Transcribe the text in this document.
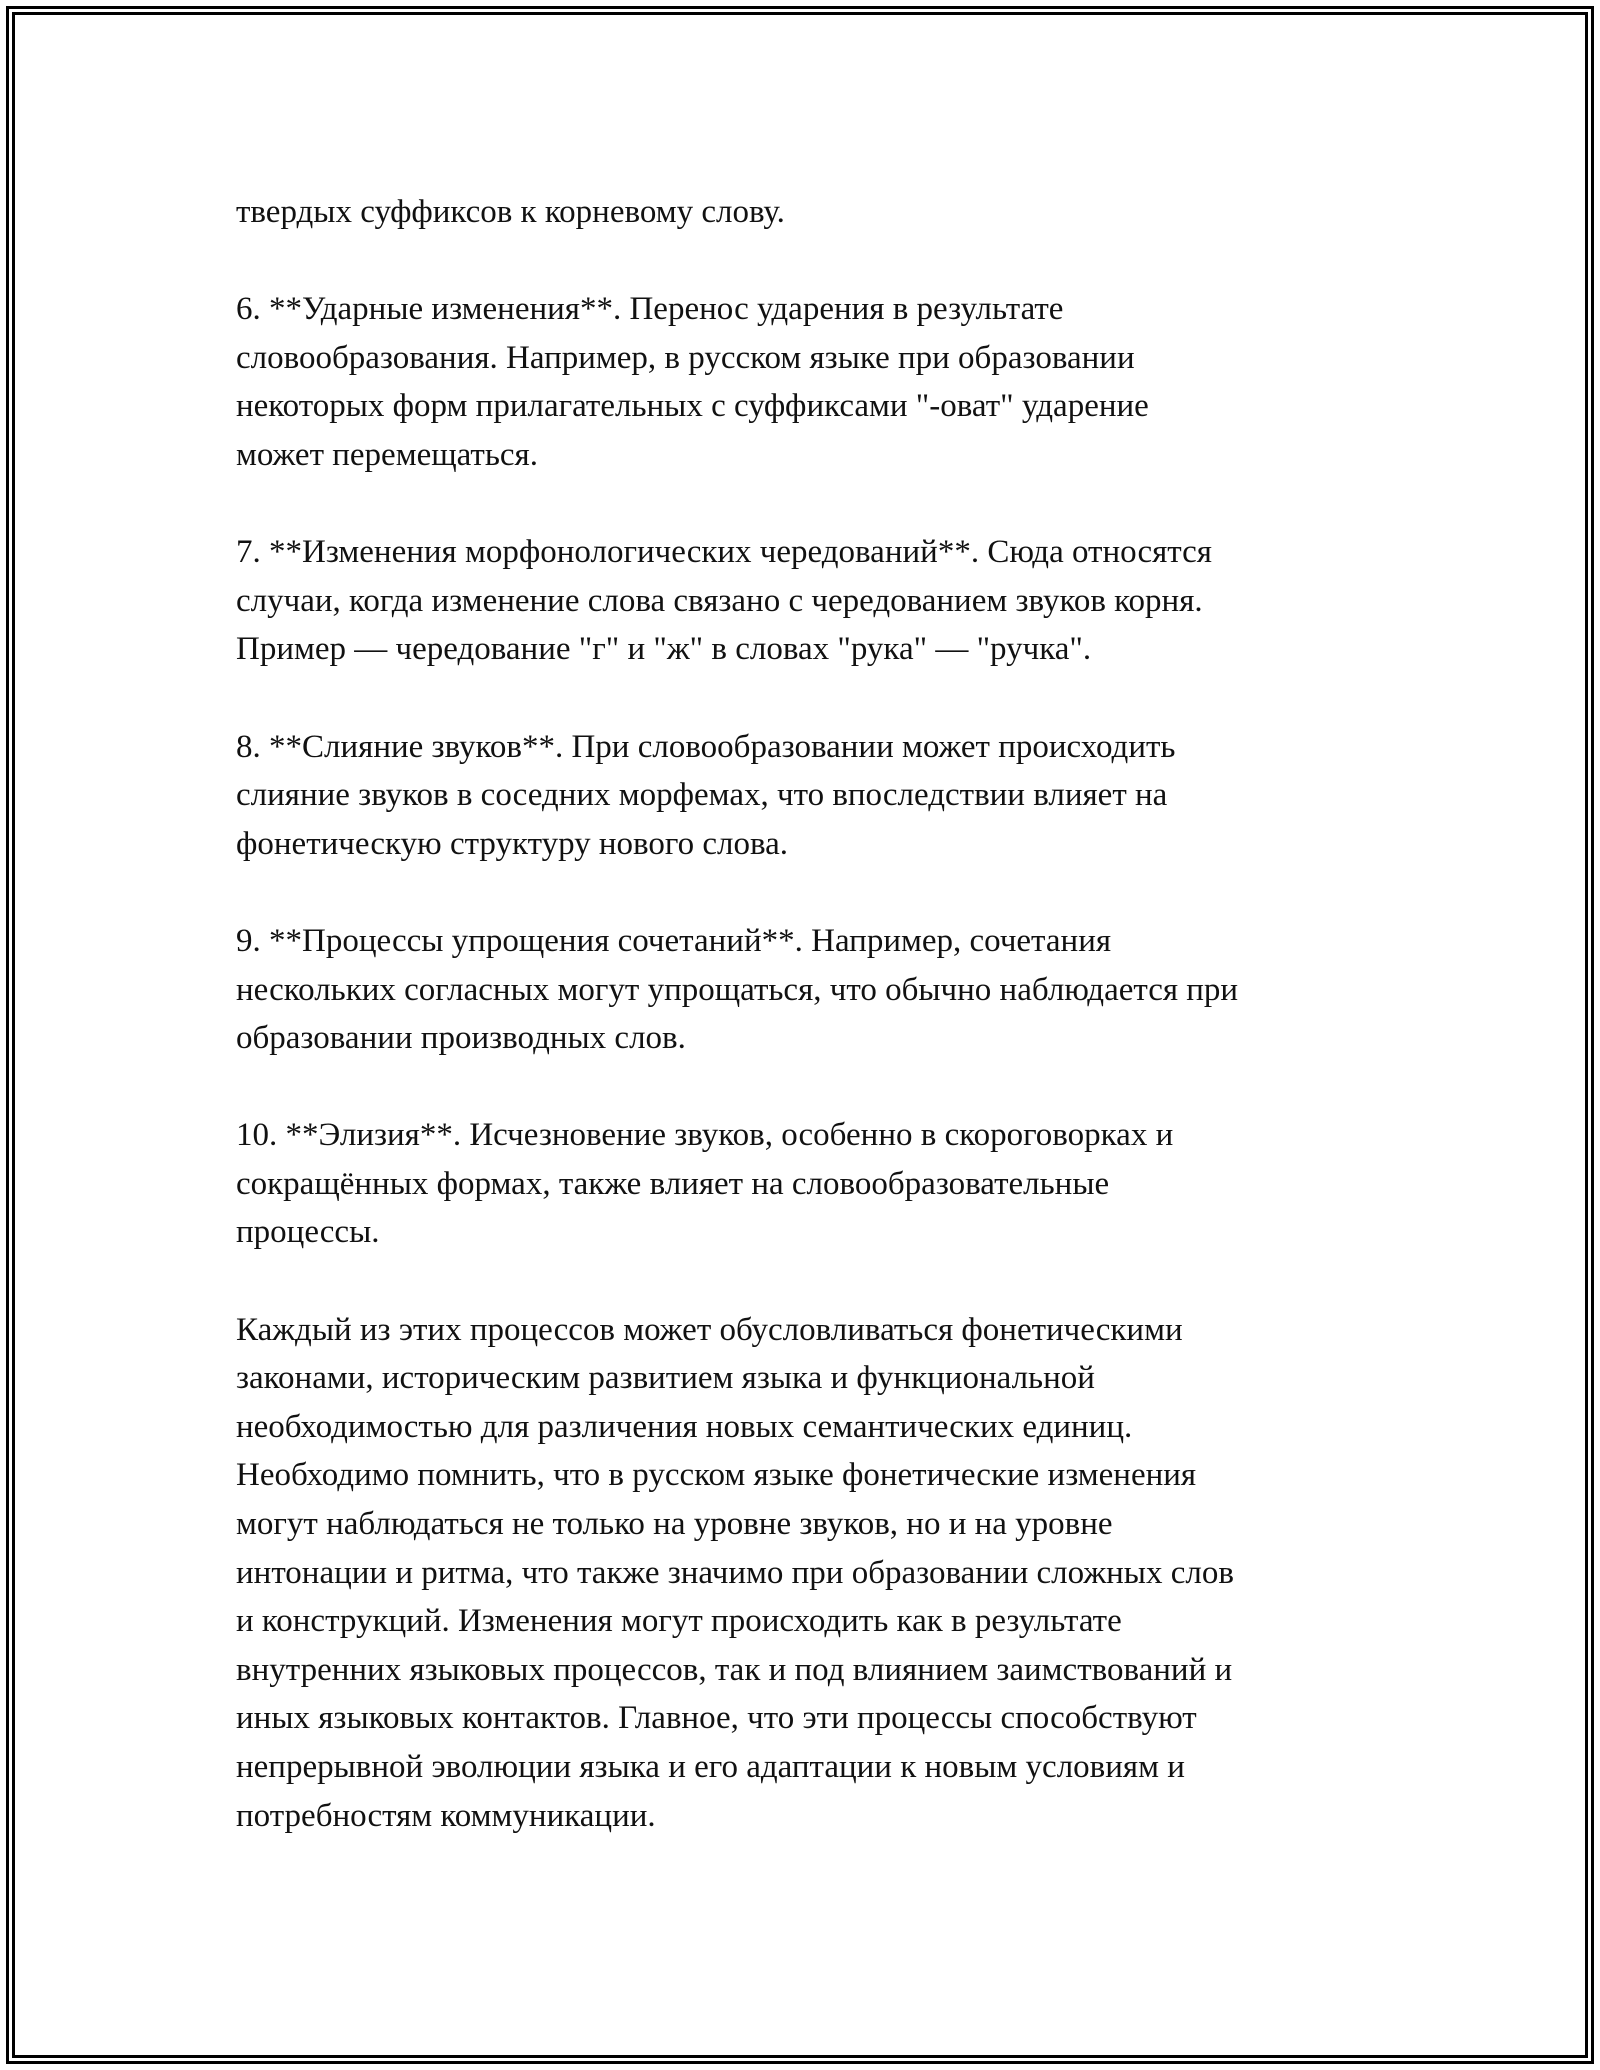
твердых суффиксов к корневому слову.

6. **Ударные изменения**. Перенос ударения в результате
словообразования. Например, в русском языке при образовании
некоторых форм прилагательных с суффиксами "-оват" ударение
может перемещаться.

7. **Изменения морфонологических чередований**. Сюда относятся
случаи, когда изменение слова связано с чередованием звуков корня.
Пример — чередование "г" и "ж" в словах "рука" — "ручка".

8. **Слияние звуков**. При словообразовании может происходить
слияние звуков в соседних морфемах, что впоследствии влияет на
фонетическую структуру нового слова.

9. **Процессы упрощения сочетаний**. Например, сочетания
нескольких согласных могут упрощаться, что обычно наблюдается при
образовании производных слов.

10. **Элизия**. Исчезновение звуков, особенно в скороговорках и
сокращённых формах, также влияет на словообразовательные
процессы.

Каждый из этих процессов может обусловливаться фонетическими
законами, историческим развитием языка и функциональной
необходимостью для различения новых семантических единиц.
Необходимо помнить, что в русском языке фонетические изменения
могут наблюдаться не только на уровне звуков, но и на уровне
интонации и ритма, что также значимо при образовании сложных слов
и конструкций. Изменения могут происходить как в результате
внутренних языковых процессов, так и под влиянием заимствований и
иных языковых контактов. Главное, что эти процессы способствуют
непрерывной эволюции языка и его адаптации к новым условиям и
потребностям коммуникации.
